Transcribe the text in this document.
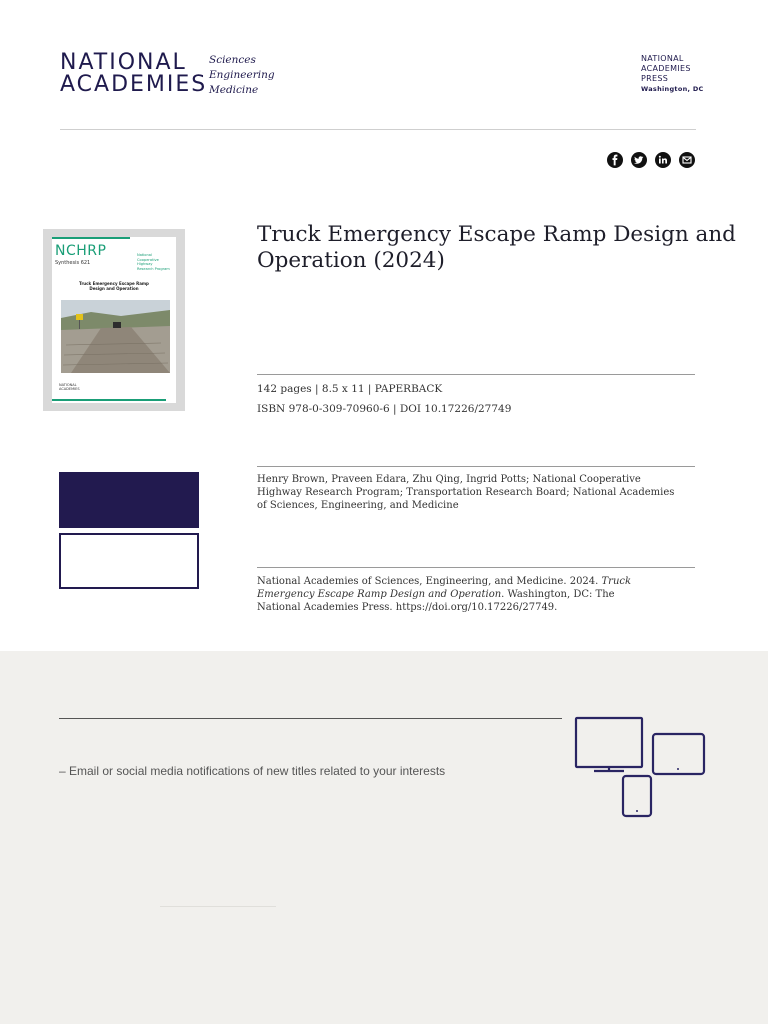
NATIONAL
ACADEMIES
Sciences
Engineering
Medicine
NATIONAL
ACADEMIES
PRESS
Washington, DC
NCHRP
Synthesis 621
National
Cooperative
Highway
Research Program
Truck Emergency Escape Ramp Design and Operation
NATIONAL
ACADEMIES
Truck Emergency Escape Ramp Design and Operation (2024)
142 pages | 8.5 x 11 | PAPERBACK
ISBN 978-0-309-70960-6 | DOI 10.17226/27749
Henry Brown, Praveen Edara, Zhu Qing, Ingrid Potts; National Cooperative Highway Research Program; Transportation Research Board; National Academies of Sciences, Engineering, and Medicine
National Academies of Sciences, Engineering, and Medicine. 2024. Truck Emergency Escape Ramp Design and Operation. Washington, DC: The National Academies Press. https://doi.org/10.17226/27749.
– Email or social media notifications of new titles related to your interests
